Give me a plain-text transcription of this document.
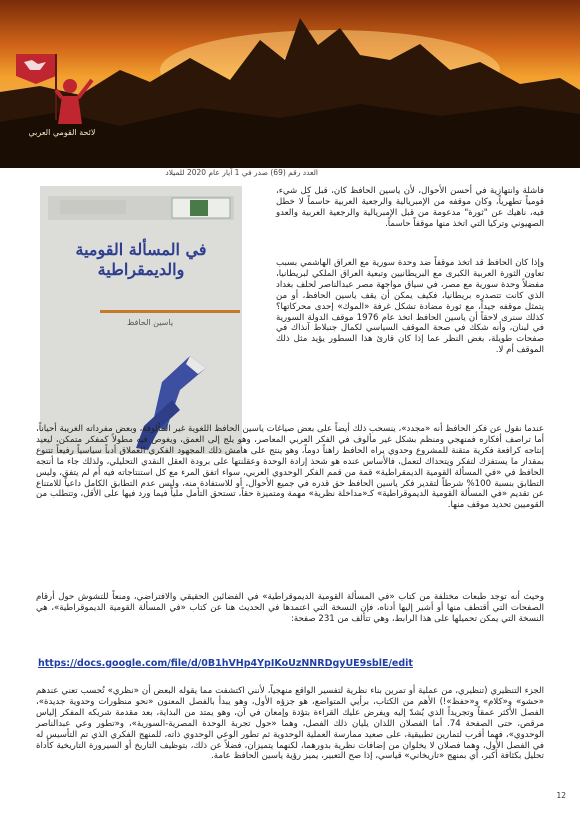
لائحة القومي العربي
العدد رقم (69) صدر في 1 آيار عام 2020 للميلاد
في المسألة القومية والديمقراطية
ياسين الحافظ

فاشلة وانتهازية في أحسن الأحوال، لأن ياسين الحافظ كان، قبل كل شيء، قومياً تطهرياً، وكان موقفه من الإمبريالية والرجعية العربية حاسماً لا خطل فيه، ناهيك عن "ثورة" مدعومة من قبل الإمبريالية والرجعية العربية والعدو الصهيوني وتركيا التي اتخذ منها موقفاً حاسماً.

وإذا كان الحافظ قد اتخذ موقفاً ضد وحدة سورية مع العراق الهاشمي بسبب تعاون الثورة العربية الكبرى مع البريطانيين وتبعية العراق الملكي لبريطانيا، مفضلاً وحدة سورية مع مصر، في سياق مواجهة مصر عبدالناصر لحلف بغداد الذي كانت تتصدره بريطانيا، فكيف يمكن أن يقف ياسين الحافظ، أو من يتمثل موقفه جيداً، مع ثورة مضادة تشكل غرفة «الموك» إحدى محركاتها؟ كذلك سنرى لاحقاً أن ياسين الحافظ اتخذ عام 1976 موقف الدولة السورية في لبنان، وأنه شكك في صحة الموقف السياسي لكمال جنبلاط آنذاك في صفحات طويلة، بغض النظر عما إذا كان قارئ هذا السطور يؤيد مثل ذلك الموقف أم لا.

عندما نقول عن فكر الحافظ أنه «مجدد»، ينسحب ذلك أيضاً على بعض صياغات ياسين الحافظ اللغوية غير المألوفة، وبعض مفرداته الغريبة أحياناً، أما تراصف أفكاره فمنهجي ومنظم بشكل غير مألوف في الفكر العربي المعاصر، وهو يلج إلى العمق، ويغوص فيه مطولاً كمفكر متمكن، ليعيد إنتاجه كرافعة فكرية متقنة للمشروع وحدوي يراه الحافظ راهناً دوماً، وهو ينتج على هامش ذلك المجهود الفكري العملاق أدباً سياسياً رفيعاً تتنوع بمقدار ما يستفزك لتفكر ويتحداك لتعمل، فالأساس عنده هو شحذ إرادة الوحدة وعقلنتها على برودة العقل النقدي التحليلي، ولذلك جاء ما أنتجه الحافظ في «في المسألة القومية الديمقراطية» قمة من قمم الفكر الوحدوي العربي، سواء اتفق المرء مع كل استنتاجاته فيه أم لم يتفق، وليس التطابق بنسبة 100% شرطاً لتقدير فكر ياسين الحافظ حق قدره في جميع الأحوال، أو للاستفادة منه، وليس عدم التطابق الكامل داعياً للامتناع عن تقديم «في المسألة القومية الديموقراطية» كـ«مداخلة نظرية» مهمة ومتميزة حقاً، تستحق التأمل ملياً فيما ورد فيها على الأقل، وتتطلب من القوميين تحديد موقف منها.

وحيث أنه توجد طبعات مختلفة من كتاب «في المسألة القومية الديموقراطية» في الفضائين الحقيقي والافتراضي، ومنعاً للتشوش حول أرقام الصفحات التي أقتطف منها أو أشير إليها أدناه، فإن النسخة التي اعتمدها في الحديث هنا عن كتاب «في المسألة القومية الديموقراطية»، هي النسخة التي يمكن تحميلها على هذا الرابط، وهي تتألف من 231 صفحة:

https://docs.google.com/file/d/0B1hVHp4YpIKoUzNNRDgyUE9sblE/edit

الجزء التنظيري (تنظيري، من عملية أو تمرين بناء نظرية لتفسير الواقع منهجياً، لأنني اكتشفت مما يقوله البعض أن «نظري» تُحسب تعني عندهم «حشو» و«كلام» و«حفظ»!) الأهم من الكتاب، برأيي المتواضع، هو جزؤه الأول، وهو يبدأ بالفصل المعنون «نحو منظورات وحدوية جديدة»، الفصل الأكثر عمقاً وتجريداً الذي يُشدّ إليه ويفرض عليك القراءة بتؤدة وإمعان في آن، وهو يمتد من البداية، بعد مقدمة شريكه المفكر إلياس مرقص، حتى الصفحة 74. أما الفصلان اللذان يليان ذلك الفصل، وهما «حول تجربة الوحدة المصرية-السورية»، و«تطور وعي عبدالناصر الوحدوي»، فهما أقرب لتمارين تطبيقية، على صعيد ممارسة العملية الوحدوية ثم تطور الوعي الوحدوي ذاته، للمنهج الفكري الذي تم التأسيس له في الفصل الأول، وهما فصلان لا يخلوان من إضافات نظرية بدورهما، لكنهما يتميزان، فضلاً عن ذلك، بتوظيف التاريخ أو السيرورة التاريخية كأداة تحليل بكثافة أكبر، أي بمنهج «تاريخاني» قياسي، إذا صح التعبير، يميز رؤية ياسين الحافظ عامة.

12
